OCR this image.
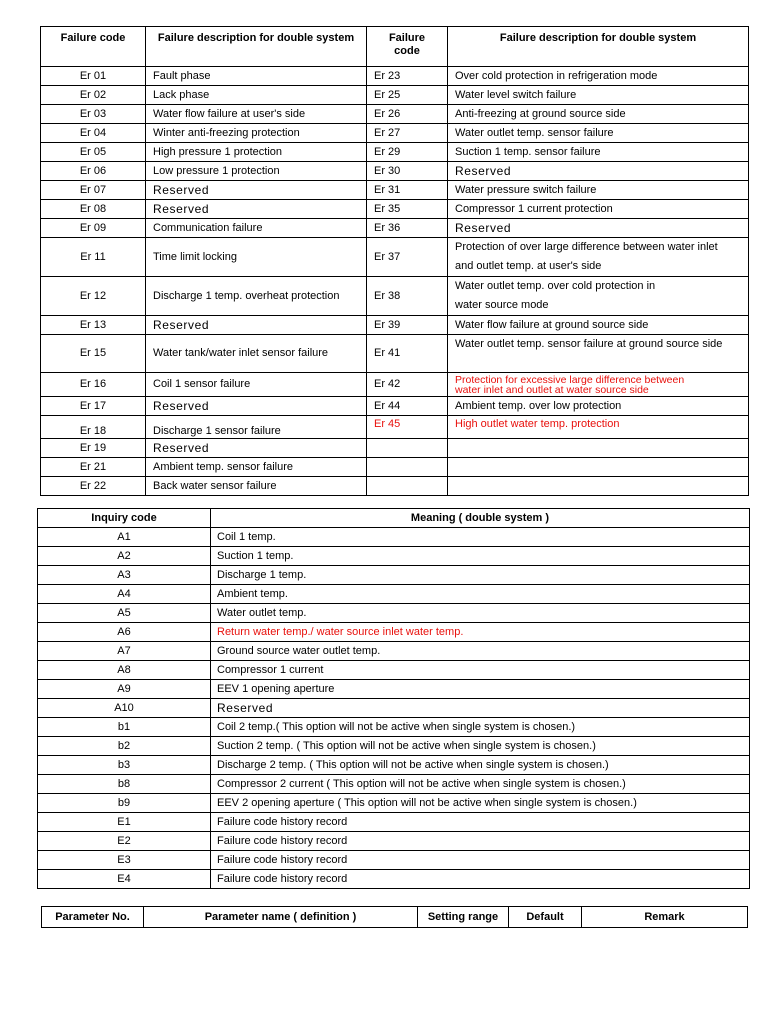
Failure code	Failure description for double system	Failure code	Failure description for double system
Er 01	Fault phase	Er 23	Over cold protection in refrigeration mode
Er 02	Lack phase	Er 25	Water level switch failure
Er 03	Water flow failure at user's side	Er 26	Anti-freezing at ground source side
Er 04	Winter anti-freezing protection	Er 27	Water outlet temp. sensor failure
Er 05	High pressure 1 protection	Er 29	Suction 1 temp. sensor failure
Er 06	Low pressure 1 protection	Er 30	Reserved
Er 07	Reserved	Er 31	Water pressure switch failure
Er 08	Reserved	Er 35	Compressor 1 current protection
Er 09	Communication failure	Er 36	Reserved
Er 11	Time limit locking	Er 37	Protection of over large difference between water inlet
and outlet temp. at user's side

Er 12	Discharge 1 temp. overheat protection	Er 38	Water outlet temp. over cold protection in
water source mode

Er 13	Reserved	Er 39	Water flow failure at ground source side
Er 15	Water tank/water inlet sensor failure	Er 41	Water outlet temp. sensor failure at ground source side
Er 16	Coil 1 sensor failure	Er 42	Protection for excessive large difference between
water inlet and outlet at water source side

Er 17	Reserved	Er 44	Ambient temp. over low protection
Er 18	Discharge 1 sensor failure	Er 45	High outlet water temp. protection
Er 19	Reserved		
Er 21	Ambient temp. sensor failure		
Er 22	Back water sensor failure		
Inquiry code	Meaning ( double system )
A1	Coil 1 temp.
A2	Suction 1 temp.
A3	Discharge 1 temp.
A4	Ambient temp.
A5	Water outlet temp.
A6	Return water temp./ water source inlet water temp.
A7	Ground source water outlet temp.
A8	Compressor 1 current
A9	EEV 1 opening aperture
A10	Reserved
b1	Coil 2 temp.( This option will not be active when single system is chosen.)
b2	Suction 2 temp. ( This option will not be active when single system is chosen.)
b3	Discharge 2 temp. ( This option will not be active when single system is chosen.)
b8	Compressor 2 current ( This option will not be active when single system is chosen.)
b9	EEV 2 opening aperture ( This option will not be active when single system is chosen.)
E1	Failure code history record
E2	Failure code history record
E3	Failure code history record
E4	Failure code history record
Parameter No.	Parameter name ( definition )	Setting range	Default	Remark
